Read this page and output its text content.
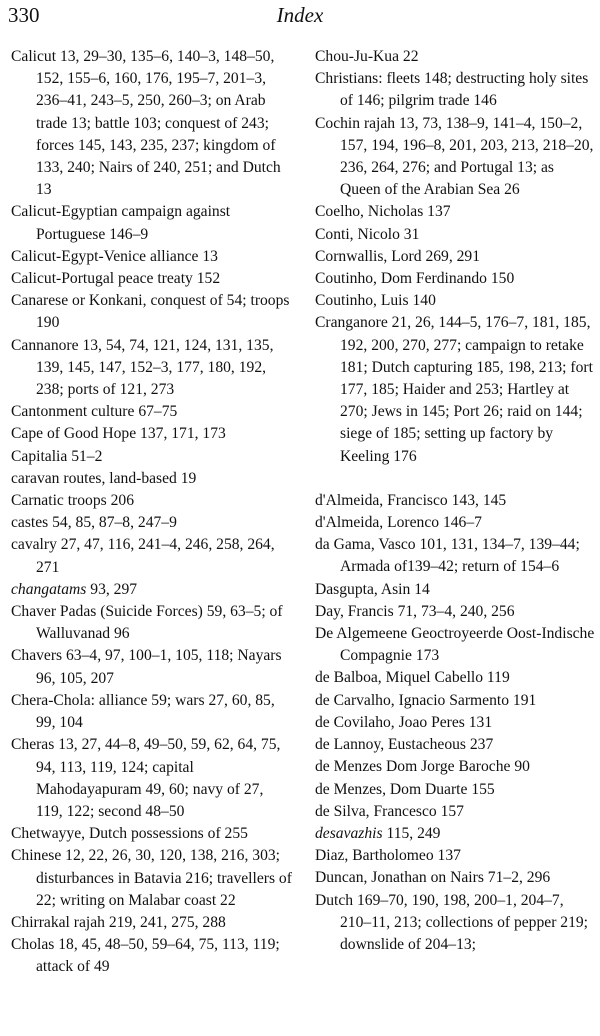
330	Index

Calicut 13, 29–30, 135–6, 140–3, 148–50, 152, 155–6, 160, 176, 195–7, 201–3, 236–41, 243–5, 250, 260–3; on Arab trade 13; battle 103; conquest of 243; forces 145, 143, 235, 237; kingdom of 133, 240; Nairs of 240, 251; and Dutch 13

Calicut-Egyptian campaign against Portuguese 146–9

Calicut-Egypt-Venice alliance 13

Calicut-Portugal peace treaty 152

Canarese or Konkani, conquest of 54; troops 190

Cannanore 13, 54, 74, 121, 124, 131, 135, 139, 145, 147, 152–3, 177, 180, 192, 238; ports of 121, 273

Cantonment culture 67–75

Cape of Good Hope 137, 171, 173

Capitalia 51–2

caravan routes, land-based 19

Carnatic troops 206

castes 54, 85, 87–8, 247–9

cavalry 27, 47, 116, 241–4, 246, 258, 264, 271

changatams 93, 297

Chaver Padas (Suicide Forces) 59, 63–5; of Walluvanad 96

Chavers 63–4, 97, 100–1, 105, 118; Nayars 96, 105, 207

Chera-Chola: alliance 59; wars 27, 60, 85, 99, 104

Cheras 13, 27, 44–8, 49–50, 59, 62, 64, 75, 94, 113, 119, 124; capital Mahodayapuram 49, 60; navy of 27, 119, 122; second 48–50

Chetwayye, Dutch possessions of 255

Chinese 12, 22, 26, 30, 120, 138, 216, 303; disturbances in Batavia 216; travellers of 22; writing on Malabar coast 22

Chirrakal rajah 219, 241, 275, 288

Cholas 18, 45, 48–50, 59–64, 75, 113, 119; attack of 49

Chou-Ju-Kua 22

Christians: fleets 148; destructing holy sites of 146; pilgrim trade 146

Cochin rajah 13, 73, 138–9, 141–4, 150–2, 157, 194, 196–8, 201, 203, 213, 218–20, 236, 264, 276; and Portugal 13; as Queen of the Arabian Sea 26

Coelho, Nicholas 137

Conti, Nicolo 31

Cornwallis, Lord 269, 291

Coutinho, Dom Ferdinando 150

Coutinho, Luis 140

Cranganore 21, 26, 144–5, 176–7, 181, 185, 192, 200, 270, 277; campaign to retake 181; Dutch capturing 185, 198, 213; fort 177, 185; Haider and 253; Hartley at 270; Jews in 145; Port 26; raid on 144; siege of 185; setting up factory by Keeling 176

d'Almeida, Francisco 143, 145

d'Almeida, Lorenco 146–7

da Gama, Vasco 101, 131, 134–7, 139–44; Armada of139–42; return of 154–6

Dasgupta, Asin 14

Day, Francis 71, 73–4, 240, 256

De Algemeene Geoctroyeerde Oost-Indische Compagnie 173

de Balboa, Miquel Cabello 119

de Carvalho, Ignacio Sarmento 191

de Covilaho, Joao Peres 131

de Lannoy, Eustacheous 237

de Menzes Dom Jorge Baroche 90

de Menzes, Dom Duarte 155

de Silva, Francesco 157

desavazhis 115, 249

Diaz, Bartholomeo 137

Duncan, Jonathan on Nairs 71–2, 296

Dutch 169–70, 190, 198, 200–1, 204–7, 210–11, 213; collections of pepper 219; downslide of 204–13;
